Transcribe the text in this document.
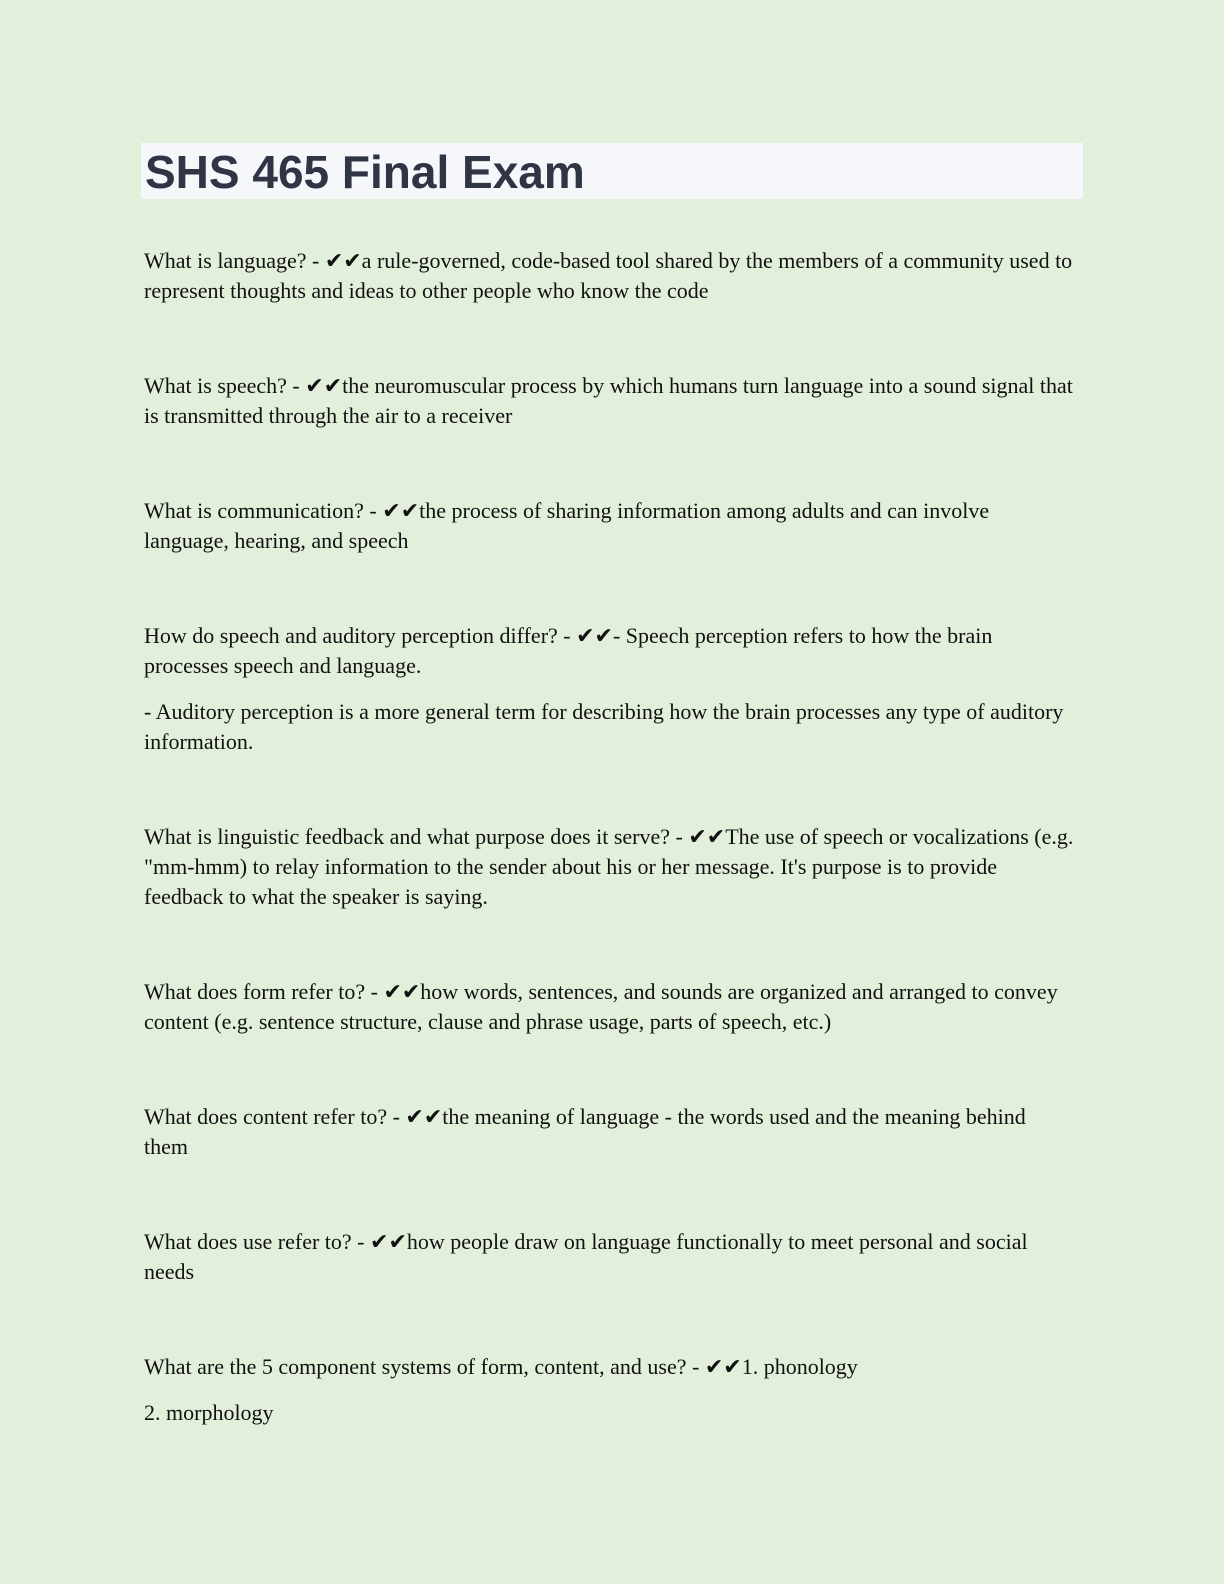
SHS 465 Final Exam

What is language? - ✔✔a rule-governed, code-based tool shared by the members of a community used to represent thoughts and ideas to other people who know the code

What is speech? - ✔✔the neuromuscular process by which humans turn language into a sound signal that is transmitted through the air to a receiver

What is communication? - ✔✔the process of sharing information among adults and can involve language, hearing, and speech

How do speech and auditory perception differ? - ✔✔- Speech perception refers to how the brain processes speech and language.

- Auditory perception is a more general term for describing how the brain processes any type of auditory information.

What is linguistic feedback and what purpose does it serve? - ✔✔The use of speech or vocalizations (e.g. "mm-hmm) to relay information to the sender about his or her message. It's purpose is to provide feedback to what the speaker is saying.

What does form refer to? - ✔✔how words, sentences, and sounds are organized and arranged to convey content (e.g. sentence structure, clause and phrase usage, parts of speech, etc.)

What does content refer to? - ✔✔the meaning of language - the words used and the meaning behind them

What does use refer to? - ✔✔how people draw on language functionally to meet personal and social needs

What are the 5 component systems of form, content, and use? - ✔✔1. phonology

2. morphology
